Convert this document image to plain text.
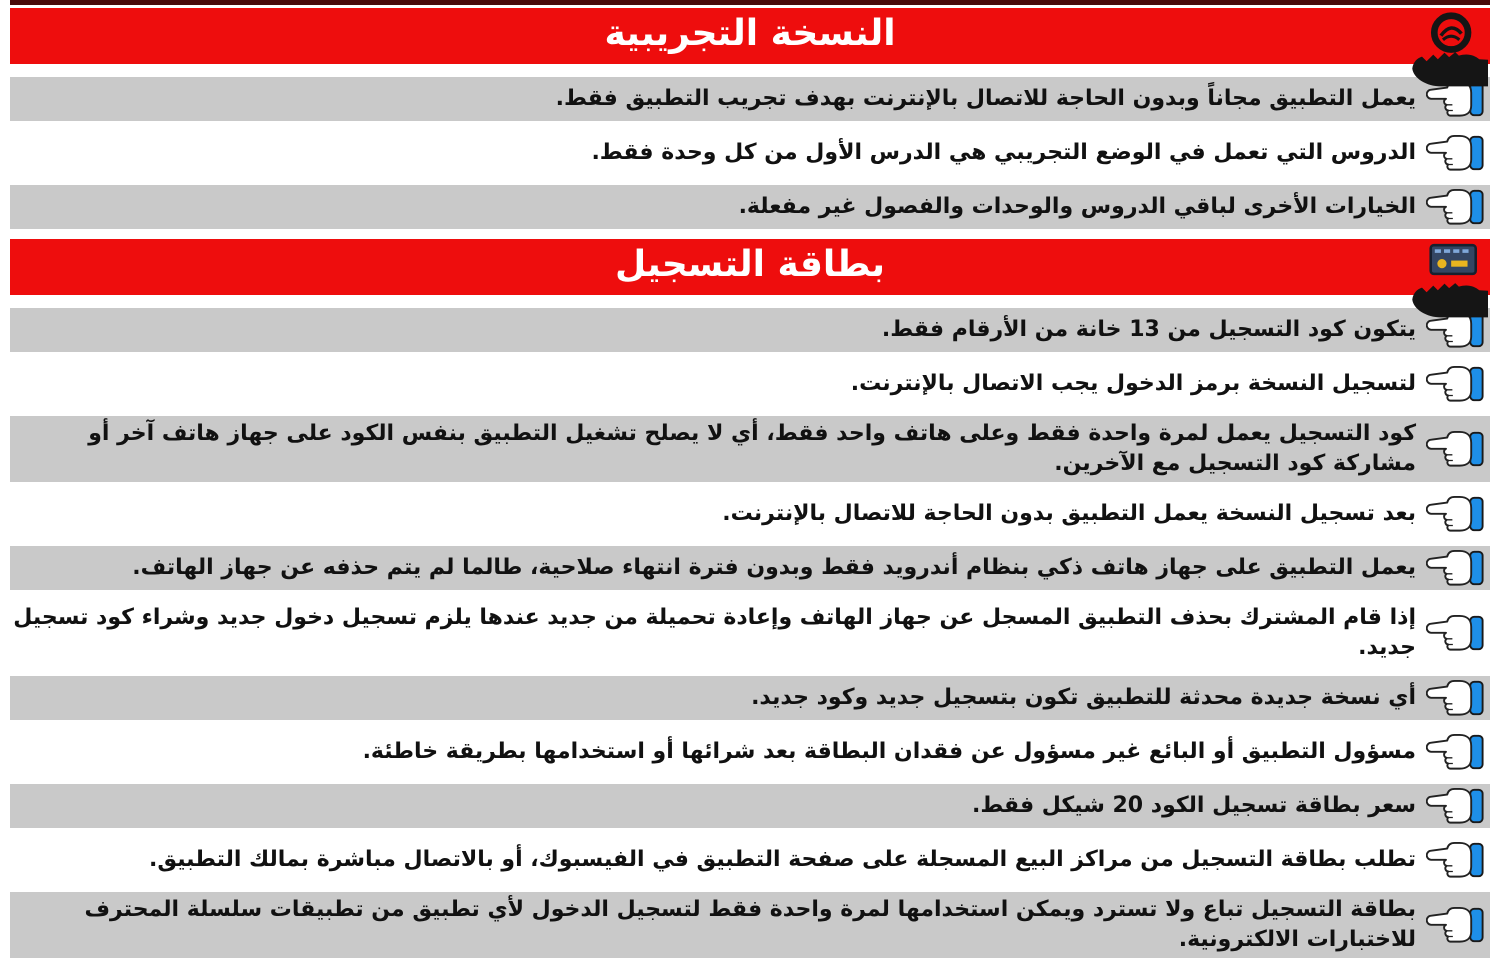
النسخة التجريبية

يعمل التطبيق مجاناً وبدون الحاجة للاتصال بالإنترنت بهدف تجريب التطبيق فقط.

الدروس التي تعمل في الوضع التجريبي هي الدرس الأول من كل وحدة فقط.

الخيارات الأخرى لباقي الدروس والوحدات والفصول غير مفعلة.

بطاقة التسجيل

يتكون كود التسجيل من 13 خانة من الأرقام فقط.

لتسجيل النسخة برمز الدخول يجب الاتصال بالإنترنت.

كود التسجيل يعمل لمرة واحدة فقط وعلى هاتف واحد فقط، أي لا يصلح تشغيل التطبيق بنفس الكود على جهاز هاتف آخر أو مشاركة كود التسجيل مع الآخرين.

بعد تسجيل النسخة يعمل التطبيق بدون الحاجة للاتصال بالإنترنت.

يعمل التطبيق على جهاز هاتف ذكي بنظام أندرويد فقط وبدون فترة انتهاء صلاحية، طالما لم يتم حذفه عن جهاز الهاتف.

إذا قام المشترك بحذف التطبيق المسجل عن جهاز الهاتف وإعادة تحميلة من جديد عندها يلزم تسجيل دخول جديد وشراء كود تسجيل جديد.

أي نسخة جديدة محدثة للتطبيق تكون بتسجيل جديد وكود جديد.

مسؤول التطبيق أو البائع غير مسؤول عن فقدان البطاقة بعد شرائها أو استخدامها بطريقة خاطئة.

سعر بطاقة تسجيل الكود 20 شيكل فقط.

تطلب بطاقة التسجيل من مراكز البيع المسجلة على صفحة التطبيق في الفيسبوك، أو بالاتصال مباشرة بمالك التطبيق.

بطاقة التسجيل تباع ولا تسترد ويمكن استخدامها لمرة واحدة فقط لتسجيل الدخول لأي تطبيق من تطبيقات سلسلة المحترف للاختبارات الالكترونية.
